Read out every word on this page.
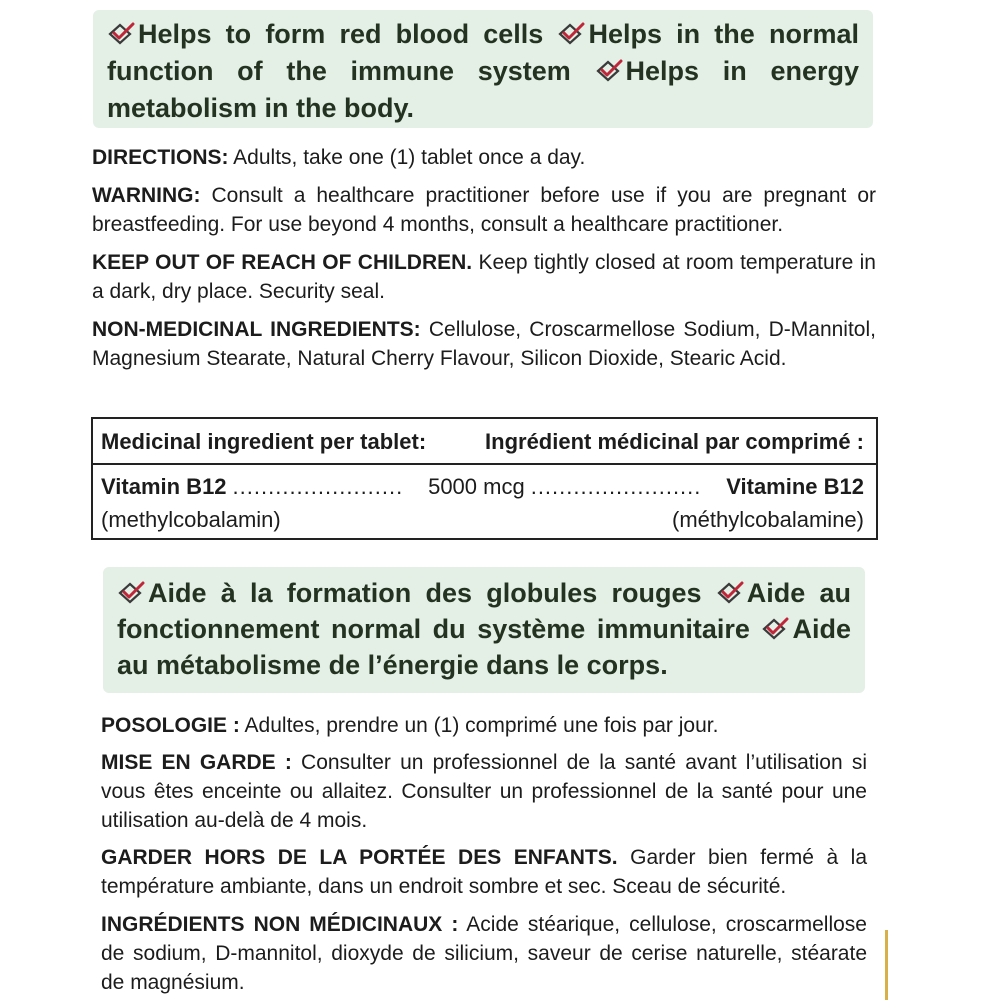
Helps to form red blood cells Helps in the normal function of the immune system Helps in energy metabolism in the body.
DIRECTIONS: Adults, take one (1) tablet once a day.
WARNING: Consult a healthcare practitioner before use if you are pregnant or breastfeeding. For use beyond 4 months, consult a healthcare practitioner.
KEEP OUT OF REACH OF CHILDREN. Keep tightly closed at room temperature in a dark, dry place. Security seal.
NON-MEDICINAL INGREDIENTS: Cellulose, Croscarmellose Sodium, D-Mannitol, Magnesium Stearate, Natural Cherry Flavour, Silicon Dioxide, Stearic Acid.
Medicinal ingredient per tablet:	Ingrédient médicinal par comprimé :
Vitamin B12 ........................	5000 mcg ........................	Vitamine B12
(methylcobalamin)	(méthylcobalamine)
Aide à la formation des globules rouges Aide au fonctionnement normal du système immunitaire Aide au métabolisme de l’énergie dans le corps.
POSOLOGIE : Adultes, prendre un (1) comprimé une fois par jour.
MISE EN GARDE : Consulter un professionnel de la santé avant l’utilisation si vous êtes enceinte ou allaitez. Consulter un professionnel de la santé pour une utilisation au-delà de 4 mois.
GARDER HORS DE LA PORTÉE DES ENFANTS. Garder bien fermé à la température ambiante, dans un endroit sombre et sec. Sceau de sécurité.
INGRÉDIENTS NON MÉDICINAUX : Acide stéarique, cellulose, croscarmellose de sodium, D-mannitol, dioxyde de silicium, saveur de cerise naturelle, stéarate de magnésium.
